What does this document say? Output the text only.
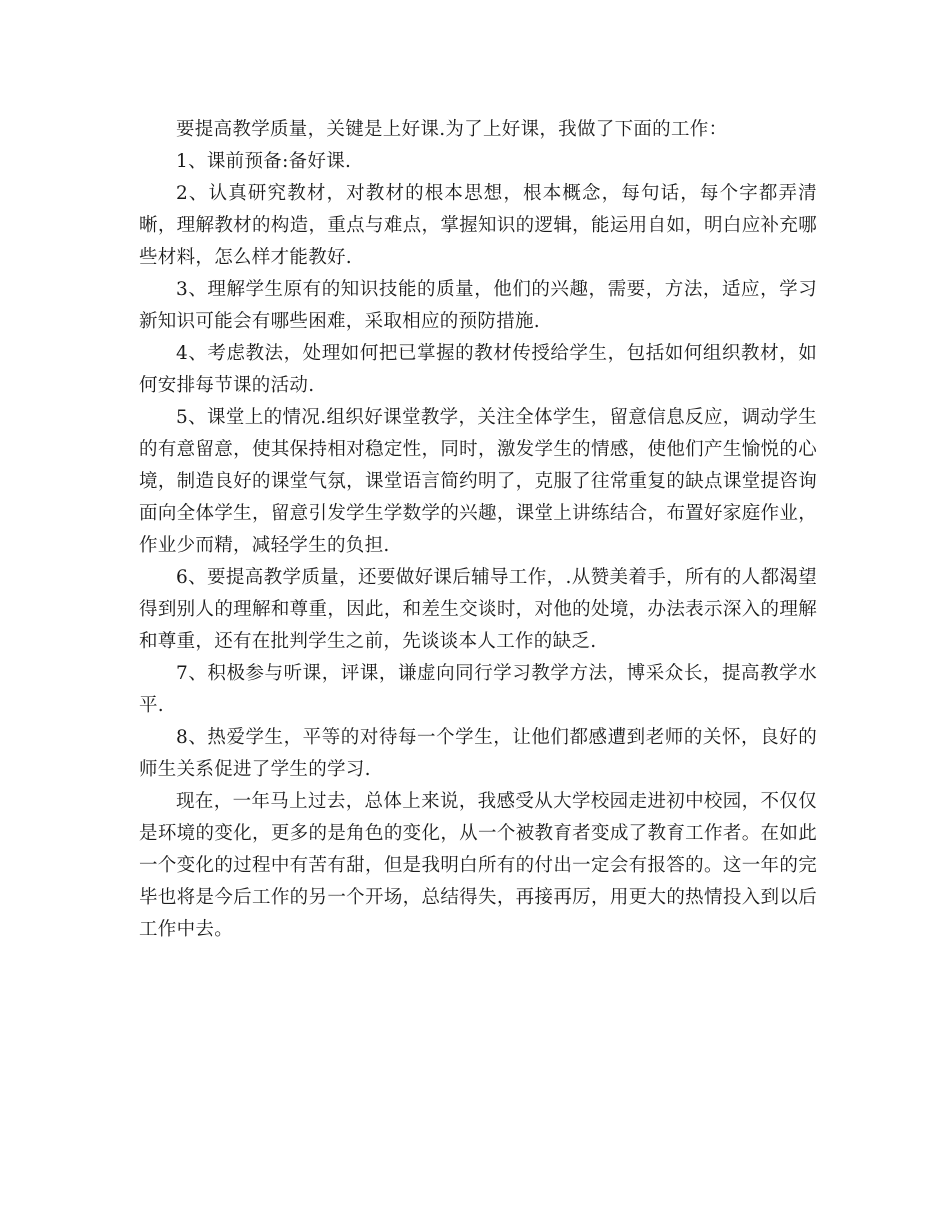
要提高教学质量，关键是上好课.为了上好课，我做了下面的工作：

1、课前预备:备好课.

2、认真研究教材，对教材的根本思想，根本概念，每句话，每个字都弄清晰，理解教材的构造，重点与难点，掌握知识的逻辑，能运用自如，明白应补充哪些材料，怎么样才能教好.

3、理解学生原有的知识技能的质量，他们的兴趣，需要，方法，适应，学习新知识可能会有哪些困难，采取相应的预防措施.

4、考虑教法，处理如何把已掌握的教材传授给学生，包括如何组织教材，如何安排每节课的活动.

5、课堂上的情况.组织好课堂教学，关注全体学生，留意信息反应，调动学生的有意留意，使其保持相对稳定性，同时，激发学生的情感，使他们产生愉悦的心境，制造良好的课堂气氛，课堂语言简约明了，克服了往常重复的缺点课堂提咨询面向全体学生，留意引发学生学数学的兴趣，课堂上讲练结合，布置好家庭作业，作业少而精，减轻学生的负担.

6、要提高教学质量，还要做好课后辅导工作，.从赞美着手，所有的人都渴望得到别人的理解和尊重，因此，和差生交谈时，对他的处境，办法表示深入的理解和尊重，还有在批判学生之前，先谈谈本人工作的缺乏.

7、积极参与听课，评课，谦虚向同行学习教学方法，博采众长，提高教学水平.

8、热爱学生，平等的对待每一个学生，让他们都感遭到老师的关怀，良好的师生关系促进了学生的学习.

现在，一年马上过去，总体上来说，我感受从大学校园走进初中校园，不仅仅是环境的变化，更多的是角色的变化，从一个被教育者变成了教育工作者。在如此一个变化的过程中有苦有甜，但是我明白所有的付出一定会有报答的。这一年的完毕也将是今后工作的另一个开场，总结得失，再接再厉，用更大的热情投入到以后工作中去。
